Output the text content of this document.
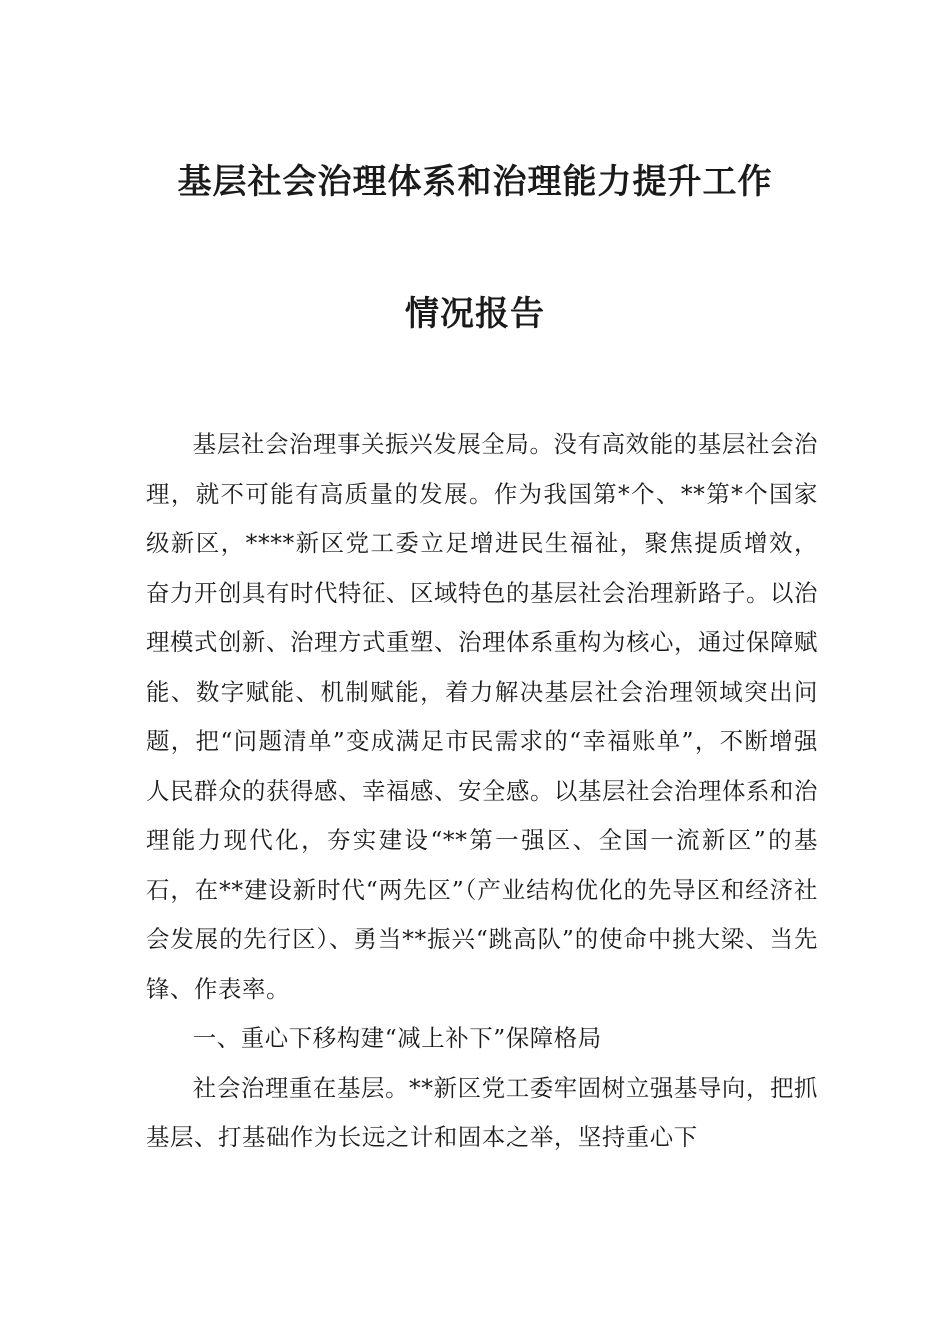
基层社会治理体系和治理能力提升工作
情况报告

基层社会治理事关振兴发展全局。没有高效能的基层社会治理，就不可能有高质量的发展。作为我国第*个、**第*个国家级新区，****新区党工委立足增进民生福祉，聚焦提质增效，奋力开创具有时代特征、区域特色的基层社会治理新路子。以治理模式创新、治理方式重塑、治理体系重构为核心，通过保障赋能、数字赋能、机制赋能，着力解决基层社会治理领域突出问题，把“问题清单”变成满足市民需求的“幸福账单”，不断增强人民群众的获得感、幸福感、安全感。以基层社会治理体系和治理能力现代化，夯实建设“**第一强区、全国一流新区”的基石，在**建设新时代“两先区”（产业结构优化的先导区和经济社会发展的先行区）、勇当**振兴“跳高队”的使命中挑大梁、当先锋、作表率。

一、重心下移构建“减上补下”保障格局

社会治理重在基层。**新区党工委牢固树立强基导向，把抓基层、打基础作为长远之计和固本之举，坚持重心下
